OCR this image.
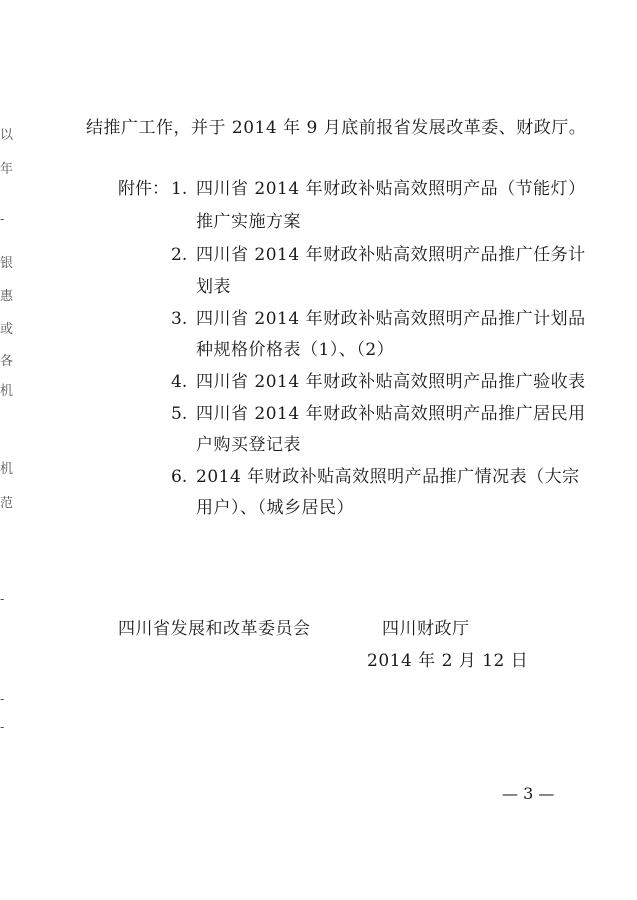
以
年
-
银
惠
或
各
机
机
范
-
-
-
结推广工作，并于 2014 年 9 月底前报省发展改革委、财政厅。
附件： 1. 四川省 2014 年财政补贴高效照明产品（节能灯）
推广实施方案
2. 四川省 2014 年财政补贴高效照明产品推广任务计
划表
3. 四川省 2014 年财政补贴高效照明产品推广计划品
种规格价格表（1）、（2）
4. 四川省 2014 年财政补贴高效照明产品推广验收表
5. 四川省 2014 年财政补贴高效照明产品推广居民用
户购买登记表
6. 2014 年财政补贴高效照明产品推广情况表（大宗
用户）、（城乡居民）
四川省发展和改革委员会	四川财政厅
2014 年 2 月 12 日
— 3 —
